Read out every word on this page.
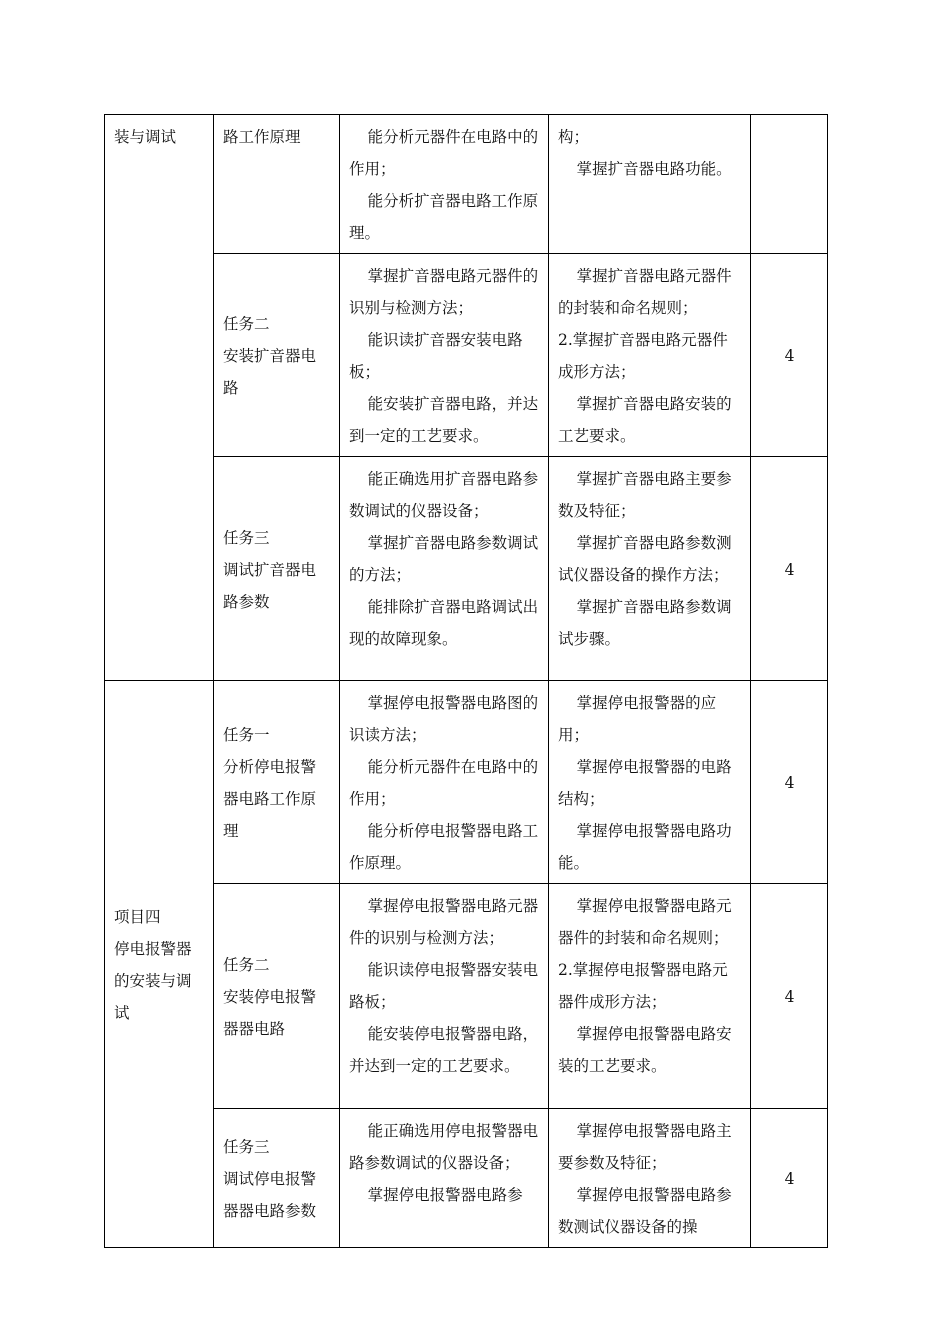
装与调试	路工作原理	能分析元器件在电路中的作用；
能分析扩音器电路工作原理。	构；
掌握扩音器电路功能。	

	任务二
安装扩音器电
路	掌握扩音器电路元器件的识别与检测方法；
能识读扩音器安装电路板；
能安装扩音器电路，并达到一定的工艺要求。	掌握扩音器电路元器件的封装和命名规则；
2.掌握扩音器电路元器件成形方法；
掌握扩音器电路安装的工艺要求。	4

	任务三
调试扩音器电
路参数	能正确选用扩音器电路参数调试的仪器设备；
掌握扩音器电路参数调试的方法；
能排除扩音器电路调试出现的故障现象。	掌握扩音器电路主要参数及特征；
掌握扩音器电路参数测试仪器设备的操作方法；
掌握扩音器电路参数调试步骤。	4

项目四
停电报警器
的安装与调
试	任务一
分析停电报警
器电路工作原
理	掌握停电报警器电路图的识读方法；
能分析元器件在电路中的作用；
能分析停电报警器电路工作原理。	掌握停电报警器的应用；
掌握停电报警器的电路结构；
掌握停电报警器电路功能。	4

	任务二
安装停电报警
器器电路	掌握停电报警器电路元器件的识别与检测方法；
能识读停电报警器安装电路板；
能安装停电报警器电路，并达到一定的工艺要求。	掌握停电报警器电路元器件的封装和命名规则；
2.掌握停电报警器电路元器件成形方法；
掌握停电报警器电路安装的工艺要求。	4

	任务三
调试停电报警
器器电路参数	能正确选用停电报警器电路参数调试的仪器设备；
掌握停电报警器电路参	掌握停电报警器电路主要参数及特征；
掌握停电报警器电路参数测试仪器设备的操	4
